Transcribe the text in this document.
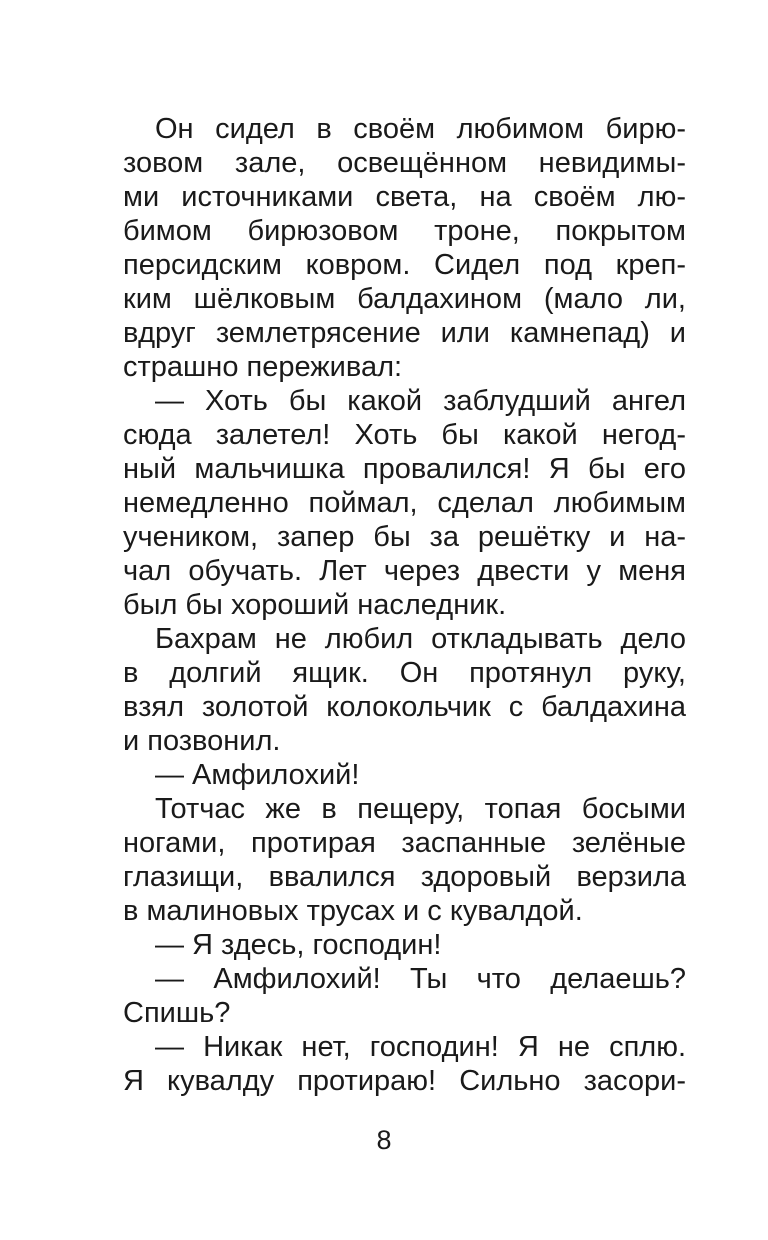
Он сидел в своём любимом бирю-
зовом зале, освещённом невидимы-
ми источниками света, на своём лю-
бимом бирюзовом троне, покрытом
персидским ковром. Сидел под креп-
ким шёлковым балдахином (мало ли,
вдруг землетрясение или камнепад) и
страшно переживал:
— Хоть бы какой заблудший ангел
сюда залетел! Хоть бы какой негод-
ный мальчишка провалился! Я бы его
немедленно поймал, сделал любимым
учеником, запер бы за решётку и на-
чал обучать. Лет через двести у меня
был бы хороший наследник.
Бахрам не любил откладывать дело
в долгий ящик. Он протянул руку,
взял золотой колокольчик с балдахина
и позвонил.
— Амфилохий!
Тотчас же в пещеру, топая босыми
ногами, протирая заспанные зелёные
глазищи, ввалился здоровый верзила
в малиновых трусах и с кувалдой.
— Я здесь, господин!
— Амфилохий! Ты что делаешь?
Спишь?
— Никак нет, господин! Я не сплю.
Я кувалду протираю! Сильно засори-
8
